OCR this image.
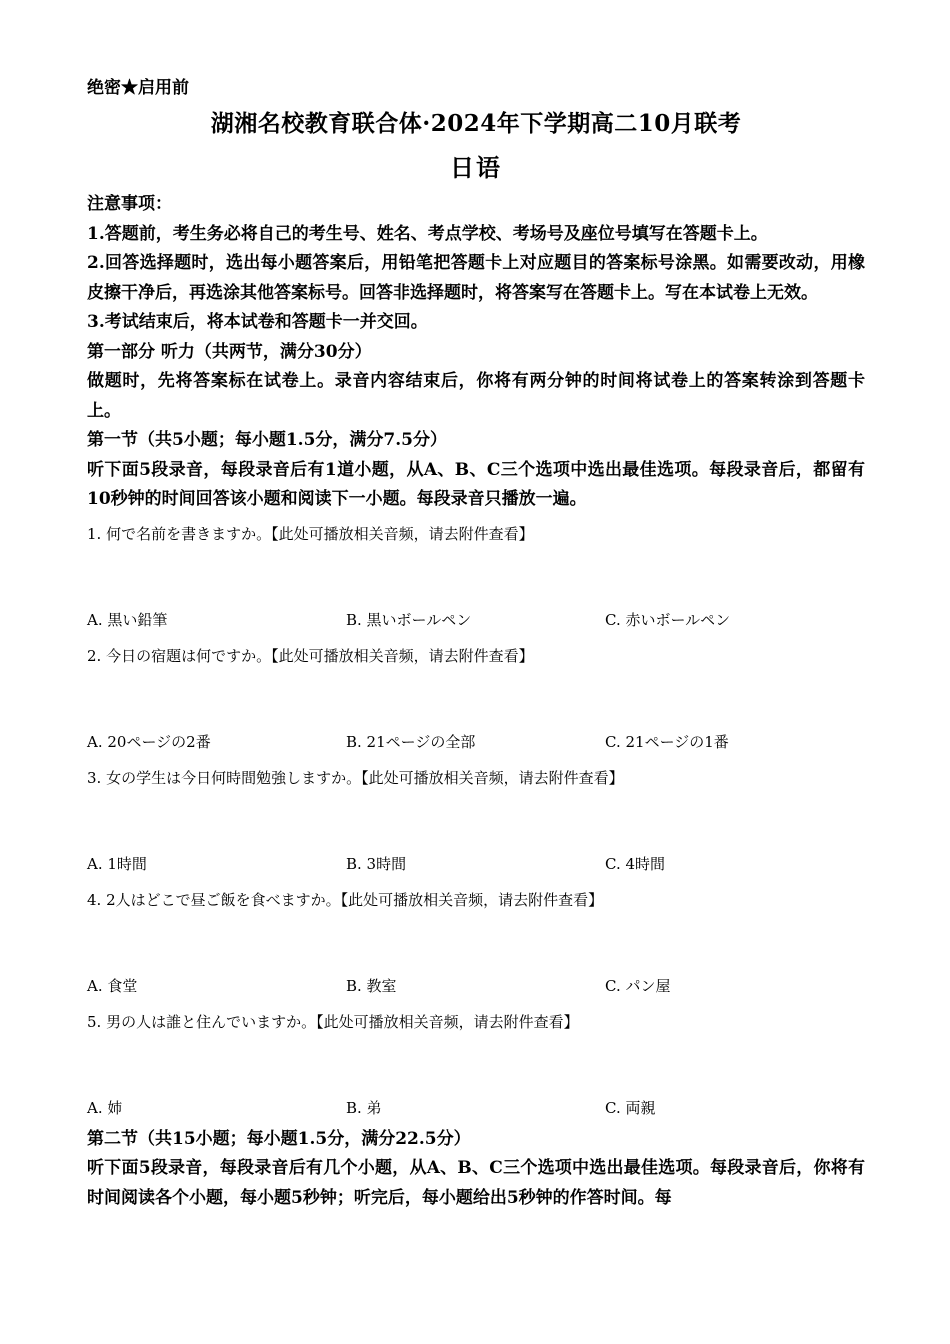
绝密★启用前

湖湘名校教育联合体·2024年下学期高二10月联考

日语

注意事项：

1.答题前，考生务必将自己的考生号、姓名、考点学校、考场号及座位号填写在答题卡上。

2.回答选择题时，选出每小题答案后，用铅笔把答题卡上对应题目的答案标号涂黑。如需要改动，用橡皮擦干净后，再选涂其他答案标号。回答非选择题时，将答案写在答题卡上。写在本试卷上无效。

3.考试结束后，将本试卷和答题卡一并交回。

第一部分 听力（共两节，满分30分）

做题时，先将答案标在试卷上。录音内容结束后，你将有两分钟的时间将试卷上的答案转涂到答题卡上。

第一节（共5小题；每小题1.5分，满分7.5分）

听下面5段录音，每段录音后有1道小题，从A、B、C三个选项中选出最佳选项。每段录音后，都留有10秒钟的时间回答该小题和阅读下一小题。每段录音只播放一遍。

1. 何で名前を書きますか。【此处可播放相关音频，请去附件查看】

A. 黒い鉛筆	B. 黒いボールペン	C. 赤いボールペン

2. 今日の宿題は何ですか。【此处可播放相关音频，请去附件查看】

A. 20ページの2番	B. 21ページの全部	C. 21ページの1番

3. 女の学生は今日何時間勉強しますか。【此处可播放相关音频，请去附件查看】

A. 1時間	B. 3時間	C. 4時間

4. 2人はどこで昼ご飯を食べますか。【此处可播放相关音频，请去附件查看】

A. 食堂	B. 教室	C. パン屋

5. 男の人は誰と住んでいますか。【此处可播放相关音频，请去附件查看】

A. 姉	B. 弟	C. 両親

第二节（共15小题；每小题1.5分，满分22.5分）

听下面5段录音，每段录音后有几个小题，从A、B、C三个选项中选出最佳选项。每段录音后，你将有时间阅读各个小题，每小题5秒钟；听完后，每小题给出5秒钟的作答时间。每
